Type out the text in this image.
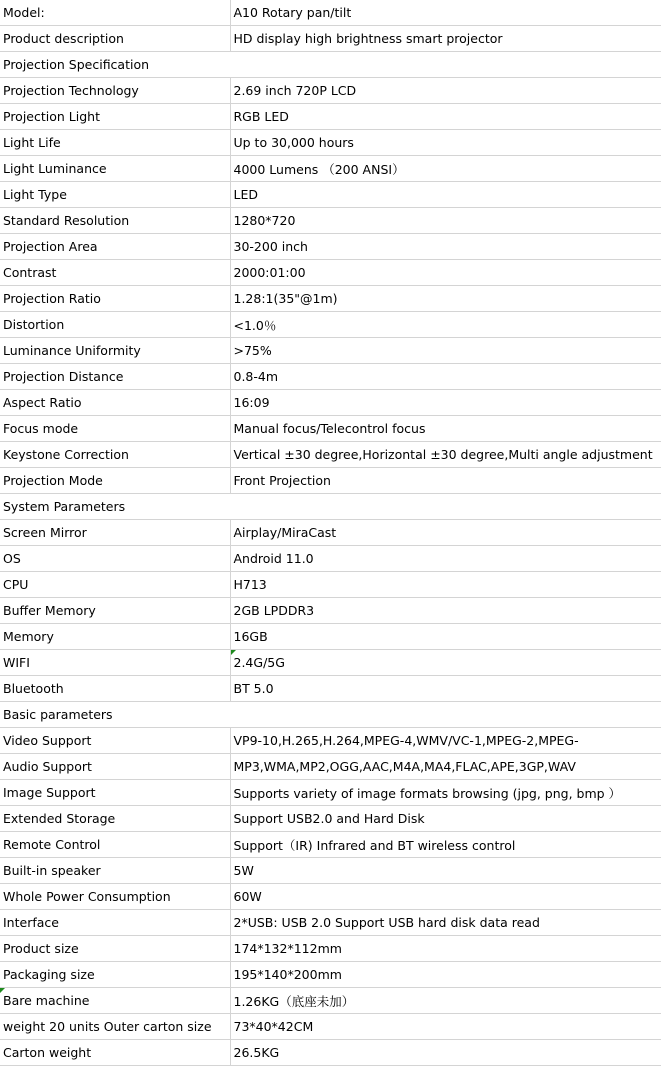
Model:	A10 Rotary pan/tilt
Product description	HD display high brightness smart projector
Projection Specification	
Projection Technology	2.69 inch 720P LCD
Projection Light	RGB LED
Light Life	Up to 30,000 hours
Light Luminance	4000 Lumens （200 ANSI）
Light Type	LED
Standard Resolution	1280*720
Projection Area	30-200 inch
Contrast	2000:01:00
Projection Ratio	1.28:1(35"@1m)
Distortion	<1.0％
Luminance Uniformity	>75%
Projection Distance	0.8-4m
Aspect Ratio	16:09
Focus mode	Manual focus/Telecontrol focus
Keystone Correction	Vertical ±30 degree,Horizontal ±30 degree,Multi angle adjustment
Projection Mode	Front Projection
System Parameters	
Screen Mirror	Airplay/MiraCast
OS	Android 11.0
CPU	H713
Buffer Memory	2GB LPDDR3
Memory	16GB
WIFI	2.4G/5G
Bluetooth	BT 5.0
Basic parameters	
Video Support	VP9-10,H.265,H.264,MPEG-4,WMV/VC-1,MPEG-2,MPEG-
Audio Support	MP3,WMA,MP2,OGG,AAC,M4A,MA4,FLAC,APE,3GP,WAV
Image Support	Supports variety of image formats browsing (jpg, png, bmp ）
Extended Storage	Support USB2.0 and Hard Disk
Remote Control	Support（IR) Infrared and BT wireless control
Built-in speaker	5W
Whole Power Consumption	60W
Interface	2*USB: USB 2.0 Support USB hard disk data read
Product size	174*132*112mm
Packaging size	195*140*200mm
Bare machine	1.26KG（底座未加）
weight 20 units Outer carton size	73*40*42CM
Carton weight	26.5KG
